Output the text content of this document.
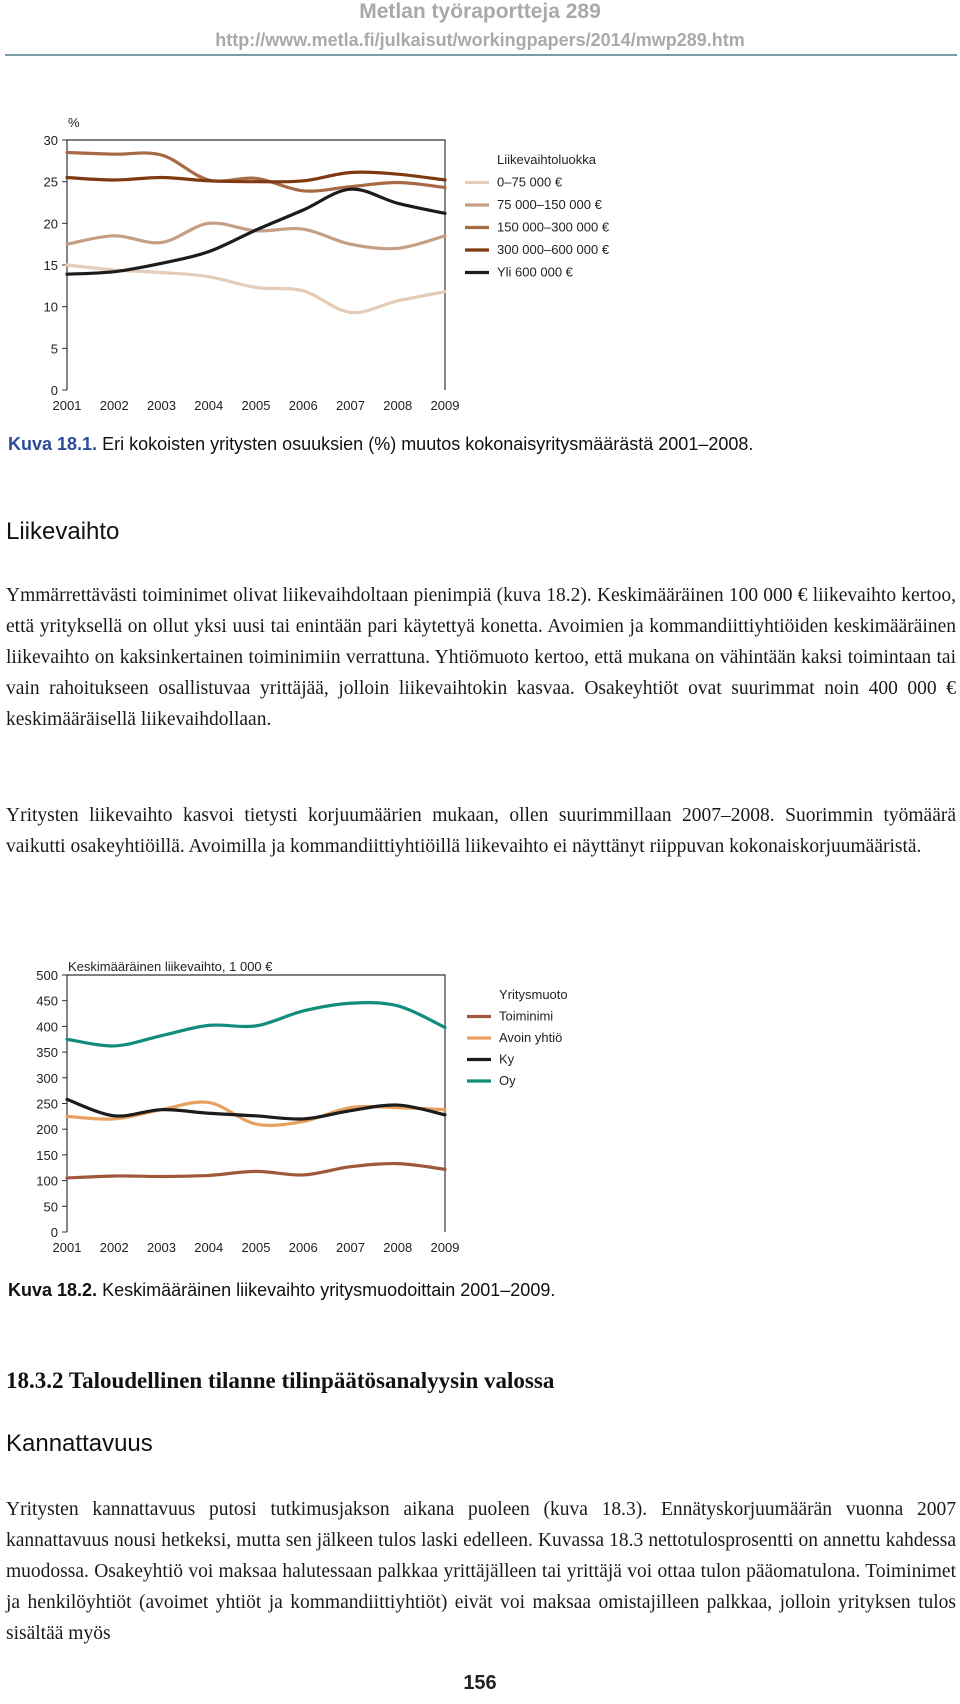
Metlan työraportteja 289
http://www.metla.fi/julkaisut/workingpapers/2014/mwp289.htm
0
5
10
15
20
25
30
%
2001 2002 2003 2004 2005 2006 2007 2008 2009
Liikevaihtoluokka
0–75 000 €
75 000–150 000 €
150 000–300 000 €
300 000–600 000 €
Yli 600 000 €
Kuva 18.1. Eri kokoisten yritysten osuuksien (%) muutos kokonaisyritysmäärästä 2001–2008.
Liikevaihto

Ymmärrettävästi toiminimet olivat liikevaihdoltaan pienimpiä (kuva 18.2). Keskimääräinen 100 000 € liikevaihto kertoo, että yrityksellä on ollut yksi uusi tai enintään pari käytettyä konetta. Avoimien ja kommandiittiyhtiöiden keskimääräinen liikevaihto on kaksinkertainen toiminimiin verrattuna. Yhtiömuoto kertoo, että mukana on vähintään kaksi toimintaan tai vain rahoitukseen osallistuvaa yrittäjää, jolloin liikevaihtokin kasvaa. Osakeyhtiöt ovat suurimmat noin 400 000 € keskimääräisellä liikevaihdollaan.

Yritysten liikevaihto kasvoi tietysti korjuumäärien mukaan, ollen suurimmillaan 2007–2008. Suorimmin työmäärä vaikutti osakeyhtiöillä. Avoimilla ja kommandiittiyhtiöillä liikevaihto ei näyttänyt riippuvan kokonaiskorjuumääristä.

0
50
100
150
200
250
300
350
400
450
500
Keskimääräinen liikevaihto, 1 000 €
2001 2002 2003 2004 2005 2006 2007 2008 2009
Yritysmuoto
Toiminimi
Avoin yhtiö
Ky
Oy
Kuva 18.2. Keskimääräinen liikevaihto yritysmuodoittain 2001–2009.
18.3.2 Taloudellinen tilanne tilinpäätösanalyysin valossa
Kannattavuus

Yritysten kannattavuus putosi tutkimusjakson aikana puoleen (kuva 18.3). Ennätyskorjuumäärän vuonna 2007 kannattavuus nousi hetkeksi, mutta sen jälkeen tulos laski edelleen. Kuvassa 18.3 nettotulosprosentti on annettu kahdessa muodossa. Osakeyhtiö voi maksaa halutessaan palkkaa yrittäjälleen tai yrittäjä voi ottaa tulon pääomatulona. Toiminimet ja henkilöyhtiöt (avoimet yhtiöt ja kommandiittiyhtiöt) eivät voi maksaa omistajilleen palkkaa, jolloin yrityksen tulos sisältää myös

156
